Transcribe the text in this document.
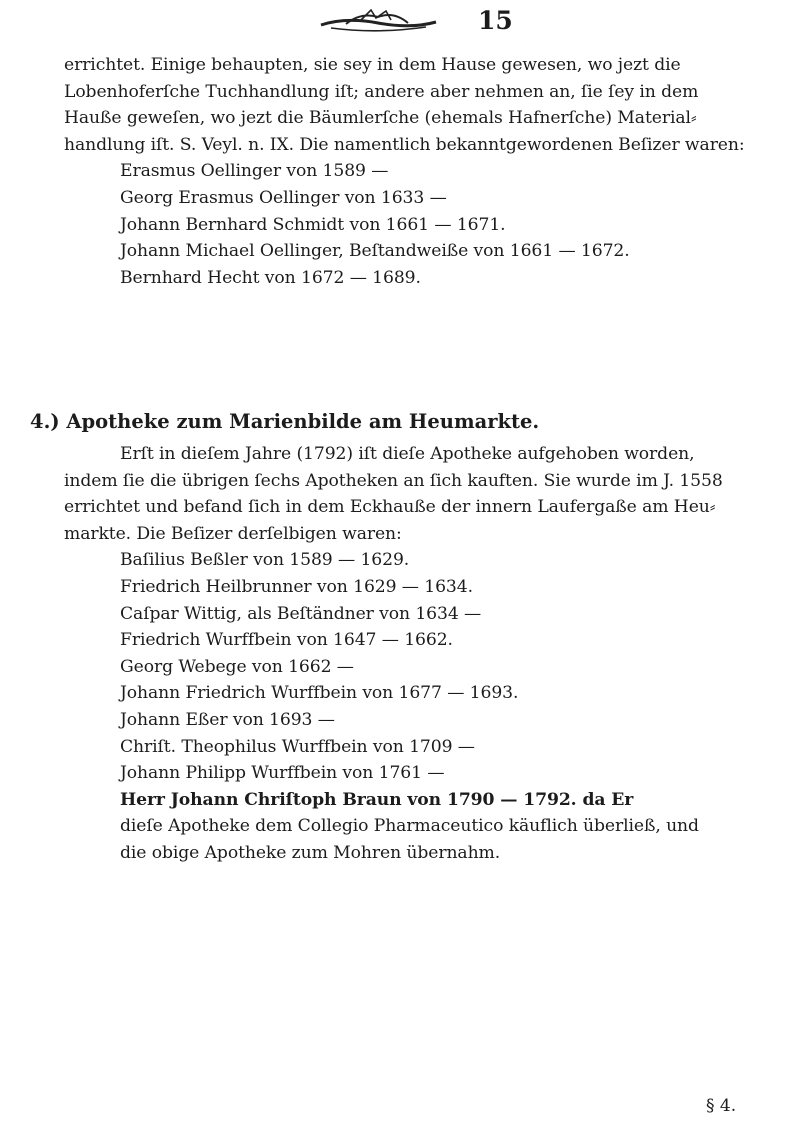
15
errichtet. Einige behaupten, sie sey in dem Hause gewesen, wo jezt die
Lobenhoferſche Tuchhandlung iſt; andere aber nehmen an, ſie ſey in dem
Hauße geweſen, wo jezt die Bäumlerſche (ehemals Hafnerſche) Material⸗
handlung iſt. S. Veyl. n. IX. Die namentlich bekanntgewordenen Beſizer waren:
Erasmus Oellinger von 1589 —
Georg Erasmus Oellinger von 1633 —
Johann Bernhard Schmidt von 1661 — 1671.
Johann Michael Oellinger, Beſtandweiße von 1661 — 1672.
Bernhard Hecht von 1672 — 1689.
4.) Apotheke zum Marienbilde am Heumarkte.
Erſt in dieſem Jahre (1792) iſt dieſe Apotheke aufgehoben worden,
indem ſie die übrigen ſechs Apotheken an ſich kauften. Sie wurde im J. 1558
errichtet und befand ſich in dem Eckhauße der innern Laufergaße am Heu⸗
markte. Die Beſizer derſelbigen waren:
Baſilius Beßler von 1589 — 1629.
Friedrich Heilbrunner von 1629 — 1634.
Caſpar Wittig, als Beſtändner von 1634 —
Friedrich Wurffbein von 1647 — 1662.
Georg Webege von 1662 —
Johann Friedrich Wurffbein von 1677 — 1693.
Johann Eßer von 1693 —
Chriſt. Theophilus Wurffbein von 1709 —
Johann Philipp Wurffbein von 1761 —
Herr Johann Chriſtoph Braun von 1790 — 1792. da Er
dieſe Apotheke dem Collegio Pharmaceutico käuflich überließ, und
die obige Apotheke zum Mohren übernahm.
§ 4.
